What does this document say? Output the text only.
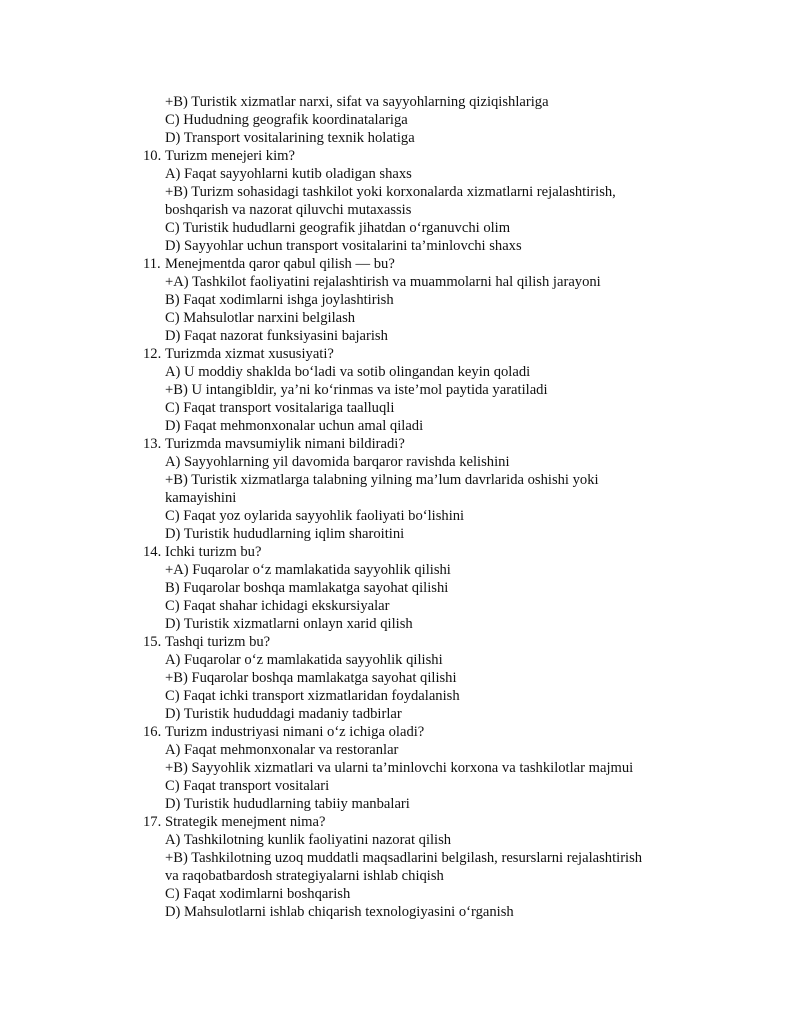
+B) Turistik xizmatlar narxi, sifat va sayyohlarning qiziqishlariga
C) Hududning geografik koordinatalariga
D) Transport vositalarining texnik holatiga
10. Turizm menejeri kim?
A) Faqat sayyohlarni kutib oladigan shaxs
+B) Turizm sohasidagi tashkilot yoki korxonalarda xizmatlarni rejalashtirish,
boshqarish va nazorat qiluvchi mutaxassis
C) Turistik hududlarni geografik jihatdan o‘rganuvchi olim
D) Sayyohlar uchun transport vositalarini ta’minlovchi shaxs
11. Menejmentda qaror qabul qilish — bu?
+A) Tashkilot faoliyatini rejalashtirish va muammolarni hal qilish jarayoni
B) Faqat xodimlarni ishga joylashtirish
C) Mahsulotlar narxini belgilash
D) Faqat nazorat funksiyasini bajarish
12. Turizmda xizmat xususiyati?
A) U moddiy shaklda bo‘ladi va sotib olingandan keyin qoladi
+B) U intangibldir, ya’ni ko‘rinmas va iste’mol paytida yaratiladi
C) Faqat transport vositalariga taalluqli
D) Faqat mehmonxonalar uchun amal qiladi
13. Turizmda mavsumiylik nimani bildiradi?
A) Sayyohlarning yil davomida barqaror ravishda kelishini
+B) Turistik xizmatlarga talabning yilning ma’lum davrlarida oshishi yoki
kamayishini
C) Faqat yoz oylarida sayyohlik faoliyati bo‘lishini
D) Turistik hududlarning iqlim sharoitini
14. Ichki turizm bu?
+A) Fuqarolar o‘z mamlakatida sayyohlik qilishi
B) Fuqarolar boshqa mamlakatga sayohat qilishi
C) Faqat shahar ichidagi ekskursiyalar
D) Turistik xizmatlarni onlayn xarid qilish
15. Tashqi turizm bu?
A) Fuqarolar o‘z mamlakatida sayyohlik qilishi
+B) Fuqarolar boshqa mamlakatga sayohat qilishi
C) Faqat ichki transport xizmatlaridan foydalanish
D) Turistik hududdagi madaniy tadbirlar
16. Turizm industriyasi nimani o‘z ichiga oladi?
A) Faqat mehmonxonalar va restoranlar
+B) Sayyohlik xizmatlari va ularni ta’minlovchi korxona va tashkilotlar majmui
C) Faqat transport vositalari
D) Turistik hududlarning tabiiy manbalari
17. Strategik menejment nima?
A) Tashkilotning kunlik faoliyatini nazorat qilish
+B) Tashkilotning uzoq muddatli maqsadlarini belgilash, resurslarni rejalashtirish
va raqobatbardosh strategiyalarni ishlab chiqish
C) Faqat xodimlarni boshqarish
D) Mahsulotlarni ishlab chiqarish texnologiyasini o‘rganish
